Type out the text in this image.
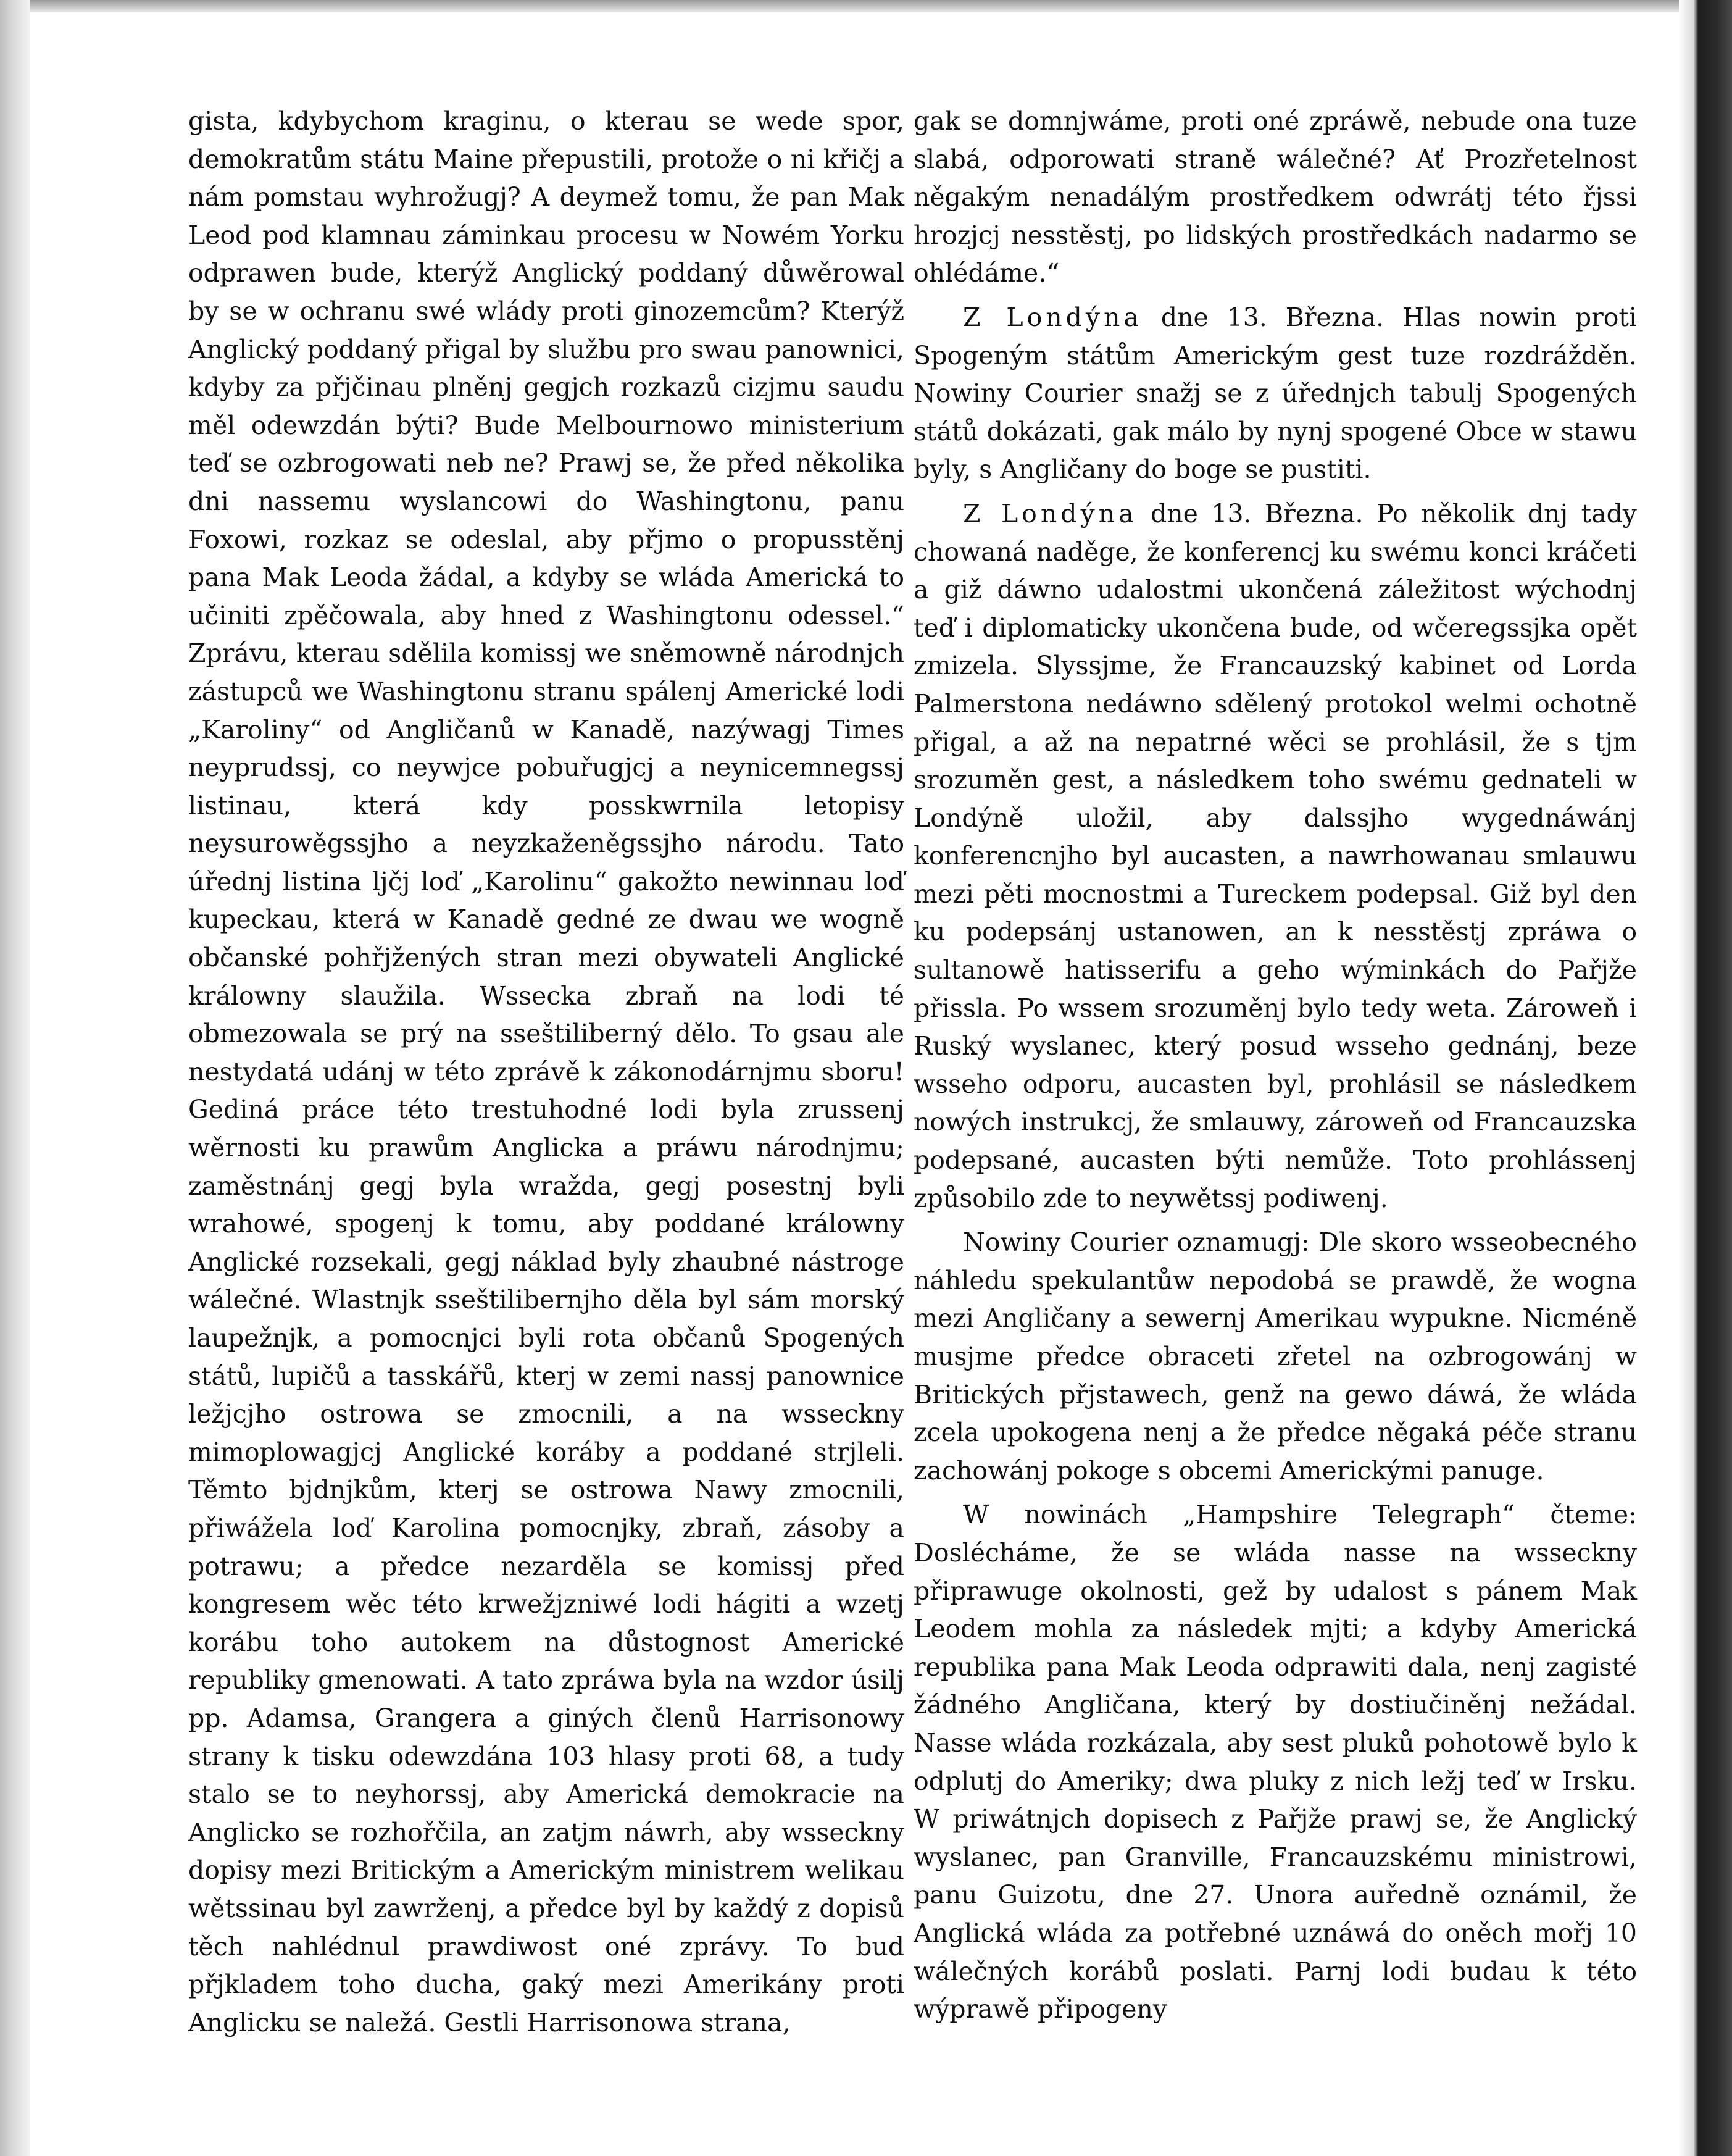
gista, kdybychom kraginu, o kterau se wede spor, demokratům státu Maine přepustili, protože o ni křičj a nám pomstau wyhrožugj? A deymež tomu, že pan Mak Leod pod klamnau záminkau procesu w Nowém Yorku odprawen bude, kterýž Anglický poddaný důwěrowal by se w ochranu swé wlády proti ginozemcům? Kterýž Anglický poddaný přigal by službu pro swau panownici, kdyby za přjčinau plněnj gegjch rozkazů cizjmu saudu měl odewzdán býti? Bude Melbournowo ministerium teď se ozbrogowati neb ne? Prawj se, že před několika dni nassemu wyslancowi do Washingtonu, panu Foxowi, rozkaz se odeslal, aby přjmo o propusstěnj pana Mak Leoda žádal, a kdyby se wláda Americká to učiniti zpěčowala, aby hned z Washingtonu odessel.“ Zprávu, kterau sdělila komissj we sněmowně národnjch zástupců we Washingtonu stranu spálenj Americké lodi „Karoliny“ od Angličanů w Kanadě, nazýwagj Times neyprudssj, co neywjce pobuřugjcj a neynicemnegssj listinau, která kdy posskwrnila letopisy neysurowěgssjho a neyzkaženěgssjho národu. Tato úřednj listina ljčj loď „Karolinu“ gakožto newinnau loď kupeckau, která w Kanadě gedné ze dwau we wogně občanské pohřjžených stran mezi obywateli Anglické králowny slaužila. Wssecka zbraň na lodi té obmezowala se prý na sseštiliberný dělo. To gsau ale nestydatá udánj w této zprávě k zákonodárnjmu sboru! Gediná práce této trestuhodné lodi byla zrussenj wěrnosti ku prawům Anglicka a práwu národnjmu; zaměstnánj gegj byla wražda, gegj posestnj byli wrahowé, spogenj k tomu, aby poddané králowny Anglické rozsekali, gegj náklad byly zhaubné nástroge wálečné. Wlastnjk sseštilibernjho děla byl sám morský laupežnjk, a pomocnjci byli rota občanů Spogených států, lupičů a tasskářů, kterj w zemi nassj panownice ležjcjho ostrowa se zmocnili, a na wsseckny mimoplowagjcj Anglické koráby a poddané strjleli. Těmto bjdnjkům, kterj se ostrowa Nawy zmocnili, přiwážela loď Karolina pomocnjky, zbraň, zásoby a potrawu; a předce nezarděla se komissj před kongresem wěc této krwežjzniwé lodi hágiti a wzetj korábu toho autokem na důstognost Americké republiky gmenowati. A tato zpráwa byla na wzdor úsilj pp. Adamsa, Grangera a giných členů Harrisonowy strany k tisku odewzdána 103 hlasy proti 68, a tudy stalo se to neyhorssj, aby Americká demokracie na Anglicko se rozhořčila, an zatjm náwrh, aby wsseckny dopisy mezi Britickým a Americkým ministrem welikau wětssinau byl zawrženj, a předce byl by každý z dopisů těch nahlédnul prawdiwost oné zprávy. To bud přjkladem toho ducha, gaký mezi Amerikány proti Anglicku se naležá. Gestli Harrisonowa strana,

gak se domnjwáme, proti oné zpráwě, nebude ona tuze slabá, odporowati straně wálečné? Ať Prozřetelnost něgakým nenadálým prostředkem odwrátj této řjssi hrozjcj nesstěstj, po lidských prostředkách nadarmo se ohlédáme.“

Z Londýna dne 13. Března. Hlas nowin proti Spogeným státům Americkým gest tuze rozdrážděn. Nowiny Courier snažj se z úřednjch tabulj Spogených států dokázati, gak málo by nynj spogené Obce w stawu byly, s Angličany do boge se pustiti.

Z Londýna dne 13. Března. Po několik dnj tady chowaná naděge, že konferencj ku swému konci kráčeti a giž dáwno udalostmi ukončená záležitost wýchodnj teď i diplomaticky ukončena bude, od wčeregssjka opět zmizela. Slyssjme, že Francauzský kabinet od Lorda Palmerstona nedáwno sdělený protokol welmi ochotně přigal, a až na nepatrné wěci se prohlásil, že s tjm srozuměn gest, a následkem toho swému gednateli w Londýně uložil, aby dalssjho wygednáwánj konferencnjho byl aucasten, a nawrhowanau smlauwu mezi pěti mocnostmi a Tureckem podepsal. Giž byl den ku podepsánj ustanowen, an k nesstěstj zpráwa o sultanowě hatisserifu a geho wýminkách do Pařjže přissla. Po wssem srozuměnj bylo tedy weta. Zároweň i Ruský wyslanec, který posud wsseho gednánj, beze wsseho odporu, aucasten byl, prohlásil se následkem nowých instrukcj, že smlauwy, zároweň od Francauzska podepsané, aucasten býti nemůže. Toto prohlássenj způsobilo zde to neywětssj podiwenj.

Nowiny Courier oznamugj: Dle skoro wsseobecného náhledu spekulantůw nepodobá se prawdě, že wogna mezi Angličany a sewernj Amerikau wypukne. Nicméně musjme předce obraceti zřetel na ozbrogowánj w Britických přjstawech, genž na gewo dáwá, že wláda zcela upokogena nenj a že předce něgaká péče stranu zachowánj pokoge s obcemi Americkými panuge.

W nowinách „Hampshire Telegraph“ čteme: Doslécháme, že se wláda nasse na wsseckny připrawuge okolnosti, gež by udalost s pánem Mak Leodem mohla za následek mjti; a kdyby Americká republika pana Mak Leoda odprawiti dala, nenj zagisté žádného Angličana, který by dostiučiněnj nežádal. Nasse wláda rozkázala, aby sest pluků pohotowě bylo k odplutj do Ameriky; dwa pluky z nich ležj teď w Irsku. W priwátnjch dopisech z Pařjže prawj se, že Anglický wyslanec, pan Granville, Francauzskému ministrowi, panu Guizotu, dne 27. Unora auředně oznámil, že Anglická wláda za potřebné uznáwá do oněch mořj 10 wálečných korábů poslati. Parnj lodi budau k této wýprawě připogeny
